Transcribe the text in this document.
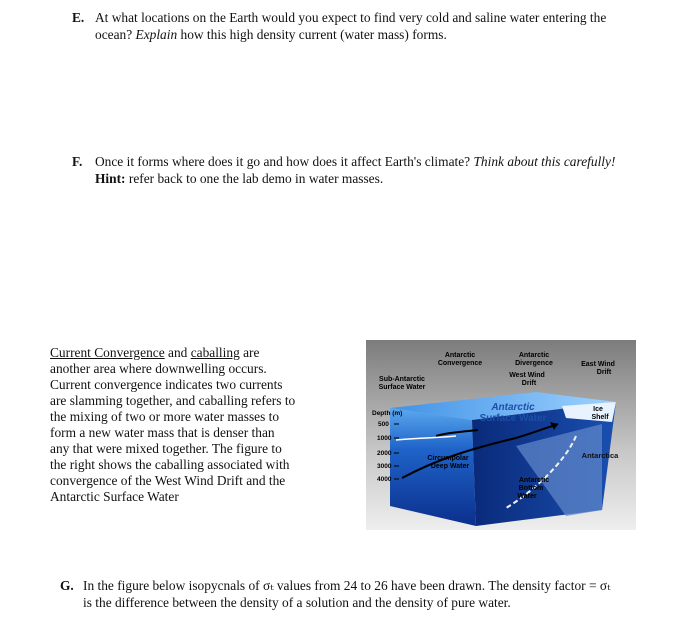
E. At what locations on the Earth would you expect to find very cold and saline water entering the

ocean? Explain how this high density current (water mass) forms.

F. Once it forms where does it go and how does it affect Earth's climate? Think about this carefully!

Hint: refer back to one the lab demo in water masses.

Current Convergence and caballing are

another area where downwelling occurs.

Current convergence indicates two currents

are slamming together, and caballing refers to

the mixing of two or more water masses to

form a new water mass that is denser than

any that were mixed together. The figure to

the right shows the caballing associated with

convergence of the West Wind Drift and the

Antarctic Surface Water

Antarctic
Convergence
Antarctic
Divergence	East Wind
Drift
Sub-Antarctic
Surface Water
West Wind
Drift
Antarctic
Surface Water
Ice
Shelf
Depth (m)
500
1000
2000
3000
4000
Circumpolar
Deep Water
Antarctica
Antarctic
Bottom
Water
G. In the figure below isopycnals of σₜ values from 24 to 26 have been drawn. The density factor = σₜ

is the difference between the density of a solution and the density of pure water.
